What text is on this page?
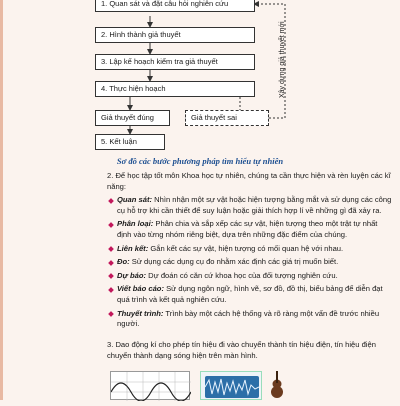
1. Quan sát và đặt câu hỏi nghiên cứu
2. Hình thành giả thuyết
3. Lập kế hoạch kiểm tra giả thuyết
4. Thực hiện hoạch
Giả thuyết đúng	Giả thuyết sai
5. Kết luận
Xây dựng giả thuyết mới
Sơ đồ các bước phương pháp tìm hiểu tự nhiên

2. Để học tập tốt môn Khoa học tự nhiên, chúng ta cần thực hiện và rèn luyện các kĩ năng:

Quan sát: Nhìn nhận một sự vật hoặc hiện tượng bằng mắt và sử dụng các công cụ hỗ trợ khi cần thiết để suy luận hoặc giải thích hợp lí về những gì đã xảy ra.
Phân loại: Phân chia và sắp xếp các sự vật, hiện tượng theo một trật tự nhất định vào từng nhóm riêng biệt, dựa trên những đặc điểm của chúng.
Liên kết: Gắn kết các sự vật, hiện tượng có mối quan hệ với nhau.
Đo: Sử dụng các dụng cụ đo nhằm xác định các giá trị muốn biết.
Dự báo: Dự đoán có căn cứ khoa học của đối tượng nghiên cứu.
Viết báo cáo: Sử dụng ngôn ngữ, hình vẽ, sơ đồ, đồ thị, biểu bảng để diễn đạt quá trình và kết quả nghiên cứu.
Thuyết trình: Trình bày một cách hệ thống và rõ ràng một vấn đề trước nhiều người.

3. Dao động kí cho phép tín hiệu đi vào chuyển thành tín hiệu điện, tín hiệu điện chuyển thành dạng sóng hiện trên màn hình.
